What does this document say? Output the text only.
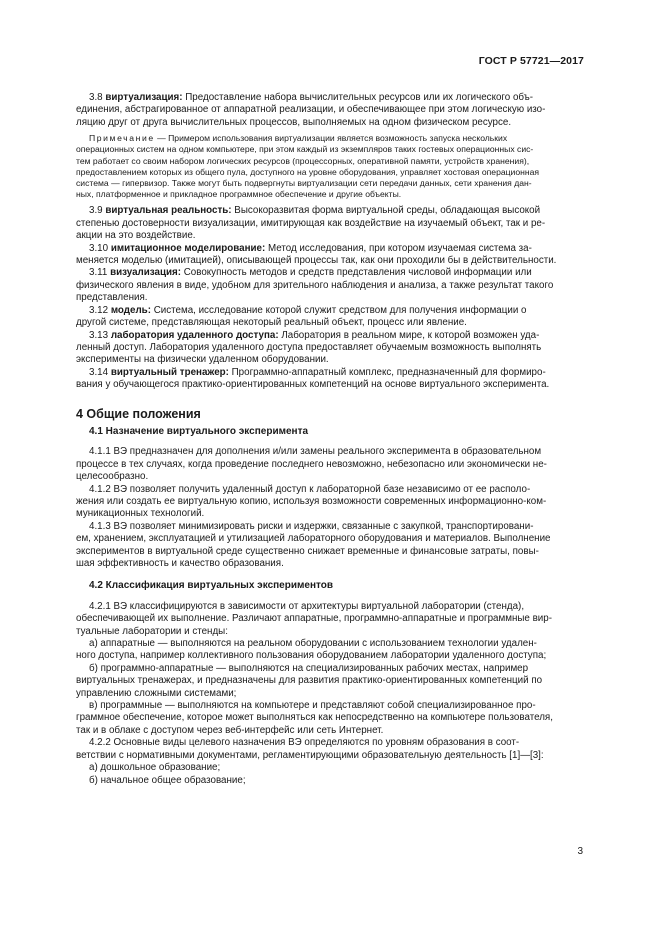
ГОСТ Р 57721—2017
3.8 виртуализация: Предоставление набора вычислительных ресурсов или их логического объ-
единения, абстрагированное от аппаратной реализации, и обеспечивающее при этом логическую изо-
ляцию друг от друга вычислительных процессов, выполняемых на одном физическом ресурсе.
Примечание — Примером использования виртуализации является возможность запуска нескольких
операционных систем на одном компьютере, при этом каждый из экземпляров таких гостевых операционных сис-
тем работает со своим набором логических ресурсов (процессорных, оперативной памяти, устройств хранения),
предоставлением которых из общего пула, доступного на уровне оборудования, управляет хостовая операционная
система — гипервизор. Также могут быть подвергнуты виртуализации сети передачи данных, сети хранения дан-
ных, платформенное и прикладное программное обеспечение и другие объекты.
3.9 виртуальная реальность: Высокоразвитая форма виртуальной среды, обладающая высокой
степенью достоверности визуализации, имитирующая как воздействие на изучаемый объект, так и ре-
акции на это воздействие.
3.10 имитационное моделирование: Метод исследования, при котором изучаемая система за-
меняется моделью (имитацией), описывающей процессы так, как они проходили бы в действительности.
3.11 визуализация: Совокупность методов и средств представления числовой информации или
физического явления в виде, удобном для зрительного наблюдения и анализа, а также результат такого
представления.
3.12 модель: Система, исследование которой служит средством для получения информации о
другой системе, представляющая некоторый реальный объект, процесс или явление.
3.13 лаборатория удаленного доступа: Лаборатория в реальном мире, к которой возможен уда-
ленный доступ. Лаборатория удаленного доступа предоставляет обучаемым возможность выполнять
эксперименты на физически удаленном оборудовании.
3.14 виртуальный тренажер: Программно-аппаратный комплекс, предназначенный для формиро-
вания у обучающегося практико-ориентированных компетенций на основе виртуального эксперимента.
4 Общие положения
4.1 Назначение виртуального эксперимента
4.1.1 ВЭ предназначен для дополнения и/или замены реального эксперимента в образовательном
процессе в тех случаях, когда проведение последнего невозможно, небезопасно или экономически не-
целесообразно.
4.1.2 ВЭ позволяет получить удаленный доступ к лабораторной базе независимо от ее располо-
жения или создать ее виртуальную копию, используя возможности современных информационно-ком-
муникационных технологий.
4.1.3 ВЭ позволяет минимизировать риски и издержки, связанные с закупкой, транспортировани-
ем, хранением, эксплуатацией и утилизацией лабораторного оборудования и материалов. Выполнение
экспериментов в виртуальной среде существенно снижает временные и финансовые затраты, повы-
шая эффективность и качество образования.
4.2 Классификация виртуальных экспериментов
4.2.1 ВЭ классифицируются в зависимости от архитектуры виртуальной лаборатории (стенда),
обеспечивающей их выполнение. Различают аппаратные, программно-аппаратные и программные вир-
туальные лаборатории и стенды:
а) аппаратные — выполняются на реальном оборудовании с использованием технологии удален-
ного доступа, например коллективного пользования оборудованием лаборатории удаленного доступа;
б) программно-аппаратные — выполняются на специализированных рабочих местах, например
виртуальных тренажерах, и предназначены для развития практико-ориентированных компетенций по
управлению сложными системами;
в) программные — выполняются на компьютере и представляют собой специализированное про-
граммное обеспечение, которое может выполняться как непосредственно на компьютере пользователя,
так и в облаке с доступом через веб-интерфейс или сеть Интернет.
4.2.2 Основные виды целевого назначения ВЭ определяются по уровням образования в соот-
ветствии с нормативными документами, регламентирующими образовательную деятельность [1]—[3]:
а) дошкольное образование;
б) начальное общее образование;
3
